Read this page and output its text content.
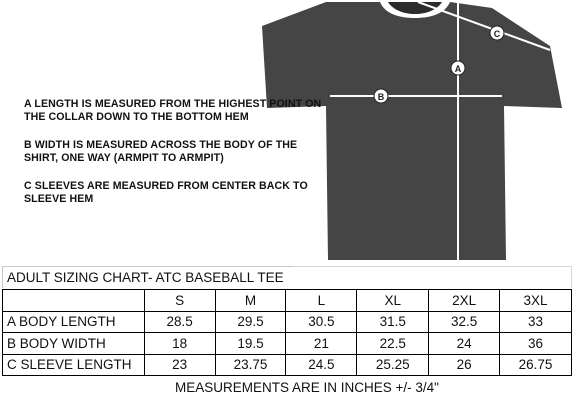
A
B
C

A LENGTH IS MEASURED FROM THE HIGHEST POINT ON THE COLLAR DOWN TO THE BOTTOM HEM

B WIDTH IS MEASURED ACROSS THE BODY OF THE SHIRT, ONE WAY (ARMPIT TO ARMPIT)

C SLEEVES ARE MEASURED FROM CENTER BACK TO SLEEVE HEM

ADULT SIZING CHART- ATC BASEBALL TEE
	S	M	L	XL	2XL	3XL
A BODY LENGTH	28.5	29.5	30.5	31.5	32.5	33
B BODY WIDTH	18	19.5	21	22.5	24	36
C SLEEVE LENGTH	23	23.75	24.5	25.25	26	26.75
MEASUREMENTS ARE IN INCHES +/- 3/4"
